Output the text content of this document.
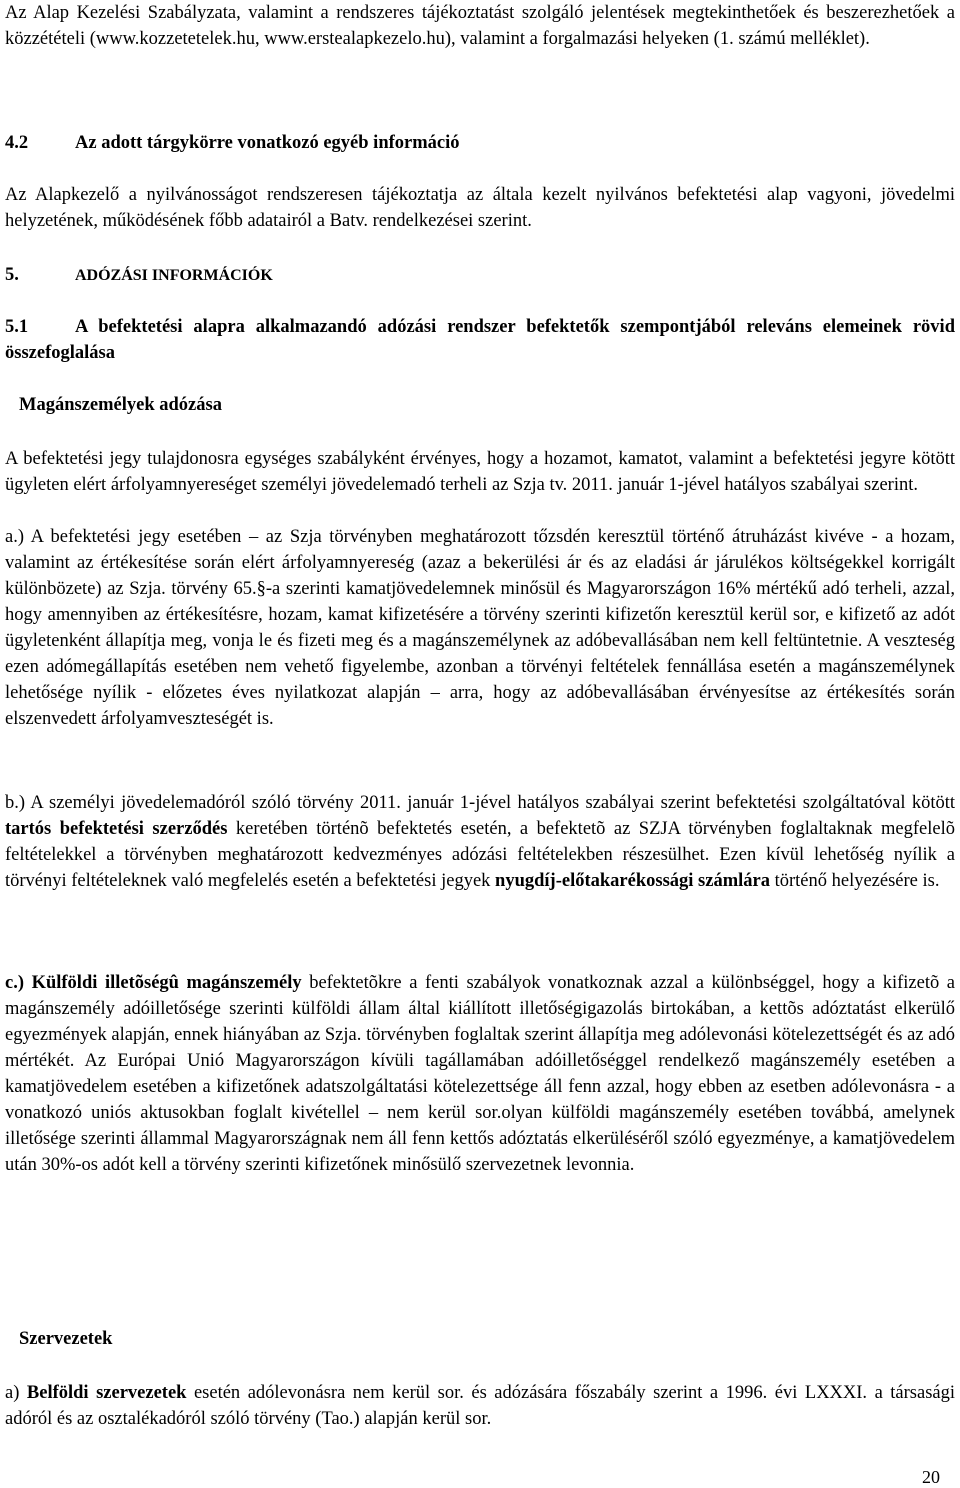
Az Alap Kezelési Szabályzata, valamint a rendszeres tájékoztatást szolgáló jelentések megtekinthetőek és beszerezhetőek a közzétételi (www.kozzetetelek.hu, www.erstealapkezelo.hu), valamint a forgalmazási helyeken (1. számú melléklet).

4.2	Az adott tárgykörre vonatkozó egyéb információ

Az Alapkezelő a nyilvánosságot rendszeresen tájékoztatja az általa kezelt nyilvános befektetési alap vagyoni, jövedelmi helyzetének, működésének főbb adatairól a Batv. rendelkezései szerint.

5.	ADÓZÁSI INFORMÁCIÓK
5.1	A befektetési alapra alkalmazandó adózási rendszer befektetők szempontjából releváns elemeinek rövid összefoglalása
Magánszemélyek adózása

A befektetési jegy tulajdonosra egységes szabályként érvényes, hogy a hozamot, kamatot, valamint a befektetési jegyre kötött ügyleten elért árfolyamnyereséget személyi jövedelemadó terheli az Szja tv. 2011. január 1-jével hatályos szabályai szerint.

a.) A befektetési jegy esetében – az Szja törvényben meghatározott tőzsdén keresztül történő átruházást kivéve - a hozam, valamint az értékesítése során elért árfolyamnyereség (azaz a bekerülési ár és az eladási ár járulékos költségekkel korrigált különbözete) az Szja. törvény 65.§-a szerinti kamatjövedelemnek minősül és Magyarországon 16% mértékű adó terheli, azzal, hogy amennyiben az értékesítésre, hozam, kamat kifizetésére a törvény szerinti kifizetőn keresztül kerül sor, e kifizető az adót ügyletenként állapítja meg, vonja le és fizeti meg és a magánszemélynek az adóbevallásában nem kell feltüntetnie. A veszteség ezen adómegállapítás esetében nem vehető figyelembe, azonban a törvényi feltételek fennállása esetén a magánszemélynek lehetősége nyílik - előzetes éves nyilatkozat alapján – arra, hogy az adóbevallásában érvényesítse az értékesítés során elszenvedett árfolyamveszteségét is.

b.) A személyi jövedelemadóról szóló törvény 2011. január 1-jével hatályos szabályai szerint befektetési szolgáltatóval kötött tartós befektetési szerződés keretében történõ befektetés esetén, a befektetõ az SZJA törvényben foglaltaknak megfelelõ feltételekkel a törvényben meghatározott kedvezményes adózási feltételekben részesülhet. Ezen kívül lehetőség nyílik a törvényi feltételeknek való megfelelés esetén a befektetési jegyek nyugdíj-előtakarékossági számlára történő helyezésére is.

c.) Külföldi illetõségû magánszemély befektetõkre a fenti szabályok vonatkoznak azzal a különbséggel, hogy a kifizetõ a magánszemély adóilletősége szerinti külföldi állam által kiállított illetőségigazolás birtokában, a kettõs adóztatást elkerülő egyezmények alapján, ennek hiányában az Szja. törvényben foglaltak szerint állapítja meg adólevonási kötelezettségét és az adó mértékét. Az Európai Unió Magyarországon kívüli tagállamában adóilletőséggel rendelkező magánszemély esetében a kamatjövedelem esetében a kifizetőnek adatszolgáltatási kötelezettsége áll fenn azzal, hogy ebben az esetben adólevonásra - a vonatkozó uniós aktusokban foglalt kivétellel – nem kerül sor.olyan külföldi magánszemély esetében továbbá, amelynek illetősége szerinti állammal Magyarországnak nem áll fenn kettős adóztatás elkerüléséről szóló egyezménye, a kamatjövedelem után 30%-os adót kell a törvény szerinti kifizetőnek minősülő szervezetnek levonnia.

Szervezetek

a) Belföldi szervezetek esetén adólevonásra nem kerül sor. és adózására főszabály szerint a 1996. évi LXXXI. a társasági adóról és az osztalékadóról szóló törvény (Tao.) alapján kerül sor.

20
